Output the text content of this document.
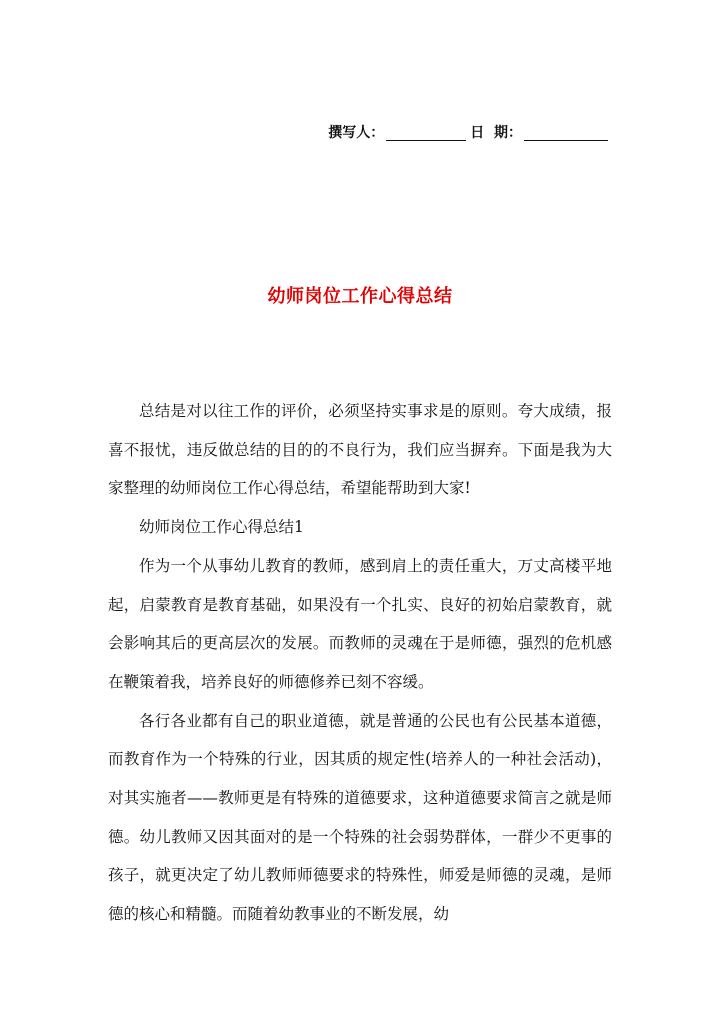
撰写人：	日  期：
幼师岗位工作心得总结

总结是对以往工作的评价，必须坚持实事求是的原则。夸大成绩，报喜不报忧，违反做总结的目的的不良行为，我们应当摒弃。下面是我为大家整理的幼师岗位工作心得总结，希望能帮助到大家!

幼师岗位工作心得总结1

作为一个从事幼儿教育的教师，感到肩上的责任重大，万丈高楼平地起，启蒙教育是教育基础，如果没有一个扎实、良好的初始启蒙教育，就会影响其后的更高层次的发展。而教师的灵魂在于是师德，强烈的危机感在鞭策着我，培养良好的师德修养已刻不容缓。

各行各业都有自己的职业道德，就是普通的公民也有公民基本道德，而教育作为一个特殊的行业，因其质的规定性(培养人的一种社会活动)，对其实施者——教师更是有特殊的道德要求，这种道德要求简言之就是师德。幼儿教师又因其面对的是一个特殊的社会弱势群体，一群少不更事的孩子，就更决定了幼儿教师师德要求的特殊性，师爱是师德的灵魂，是师德的核心和精髓。而随着幼教事业的不断发展，幼
